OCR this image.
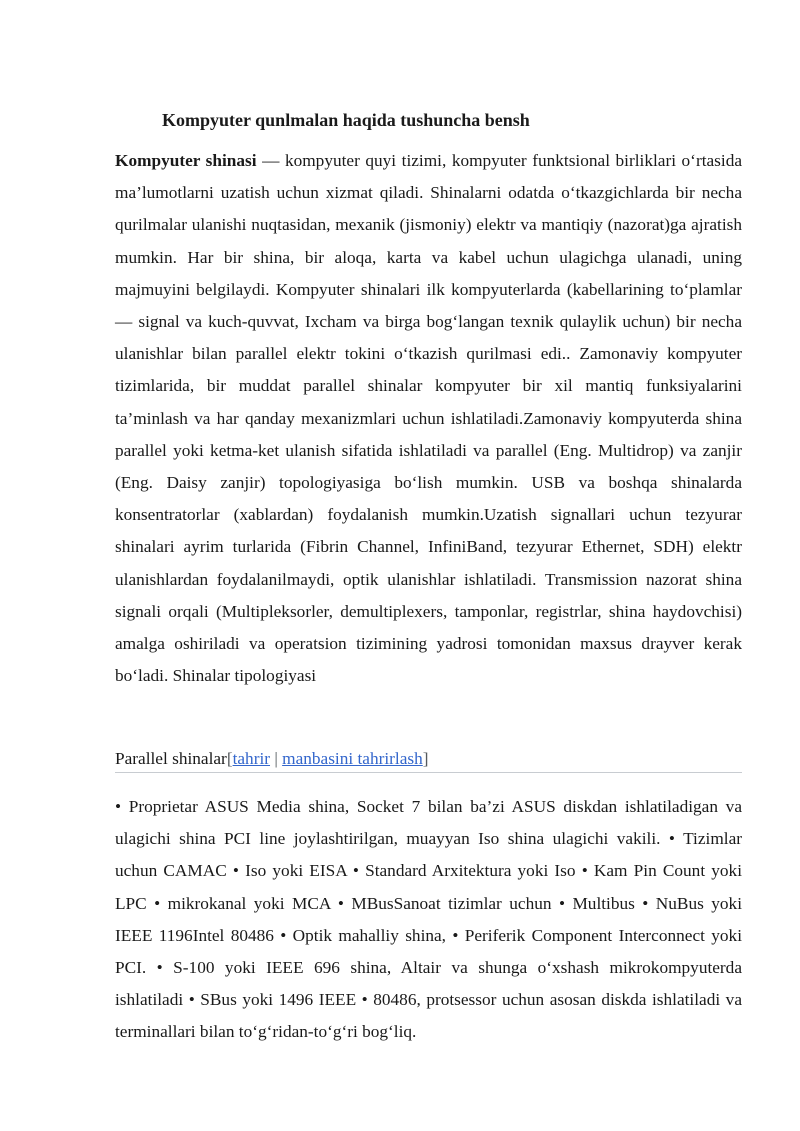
Kompyuter qunlmalan haqida tushuncha bensh

Kompyuter shinasi — kompyuter quyi tizimi, kompyuter funktsional birliklari o‘rtasida ma’lumotlarni uzatish uchun xizmat qiladi. Shinalarni odatda o‘tkazgichlarda bir necha qurilmalar ulanishi nuqtasidan, mexanik (jismoniy) elektr va mantiqiy (nazorat)ga ajratish mumkin. Har bir shina, bir aloqa, karta va kabel uchun ulagichga ulanadi, uning majmuyini belgilaydi. Kompyuter shinalari ilk kompyuterlarda (kabellarining to‘plamlar — signal va kuch-quvvat, Ixcham va birga bog‘langan texnik qulaylik uchun) bir necha ulanishlar bilan parallel elektr tokini o‘tkazish qurilmasi edi.. Zamonaviy kompyuter tizimlarida, bir muddat parallel shinalar kompyuter bir xil mantiq funksiyalarini ta’minlash va har qanday mexanizmlari uchun ishlatiladi.Zamonaviy kompyuterda shina parallel yoki ketma-ket ulanish sifatida ishlatiladi va parallel (Eng. Multidrop) va zanjir (Eng. Daisy zanjir) topologiyasiga bo‘lish mumkin. USB va boshqa shinalarda konsentratorlar (xablardan) foydalanish mumkin.Uzatish signallari uchun tezyurar shinalari ayrim turlarida (Fibrin Channel, InfiniBand, tezyurar Ethernet, SDH) elektr ulanishlardan foydalanilmaydi, optik ulanishlar ishlatiladi. Transmission nazorat shina signali orqali (Multipleksorler, demultiplexers, tamponlar, registrlar, shina haydovchisi) amalga oshiriladi va operatsion tizimining yadrosi tomonidan maxsus drayver kerak bo‘ladi. Shinalar tipologiyasi

Parallel shinalar[tahrir | manbasini tahrirlash]

• Proprietar ASUS Media shina, Socket 7 bilan ba’zi ASUS diskdan ishlatiladigan va ulagichi shina PCI line joylashtirilgan, muayyan Iso shina ulagichi vakili. • Tizimlar uchun CAMAC • Iso yoki EISA • Standard Arxitektura yoki Iso • Kam Pin Count yoki LPC • mikrokanal yoki MCA • MBusSanoat tizimlar uchun • Multibus • NuBus yoki IEEE 1196Intel 80486 • Optik mahalliy shina, • Periferik Component Interconnect yoki PCI. • S-100 yoki IEEE 696 shina, Altair va shunga o‘xshash mikrokompyuterda ishlatiladi • SBus yoki 1496 IEEE • 80486, protsessor uchun asosan diskda ishlatiladi va terminallari bilan to‘g‘ridan-to‘g‘ri bog‘liq.
